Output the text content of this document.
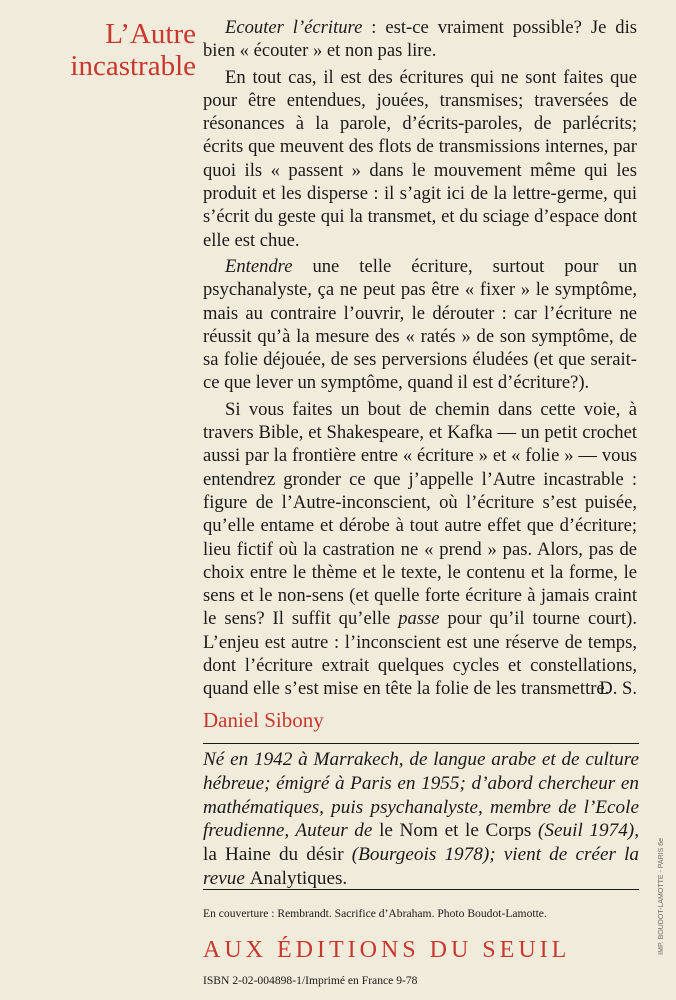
L’Autre
incastrable

Ecouter l’écriture : est-ce vraiment possible? Je dis bien « écouter » et non pas lire.

En tout cas, il est des écritures qui ne sont faites que pour être entendues, jouées, transmises; traversées de résonances à la parole, d’écrits-paroles, de parlécrits; écrits que meuvent des flots de transmissions internes, par quoi ils « passent » dans le mouvement même qui les produit et les disperse : il s’agit ici de la lettre-germe, qui s’écrit du geste qui la transmet, et du sciage d’espace dont elle est chue.

Entendre une telle écriture, surtout pour un psychanalyste, ça ne peut pas être « fixer » le symptôme, mais au contraire l’ouvrir, le dérouter : car l’écriture ne réussit qu’à la mesure des « ratés » de son symptôme, de sa folie déjouée, de ses perversions éludées (et que serait-ce que lever un symptôme, quand il est d’écriture?).

Si vous faites un bout de chemin dans cette voie, à travers Bible, et Shakespeare, et Kafka — un petit crochet aussi par la frontière entre « écriture » et « folie » — vous entendrez gronder ce que j’appelle l’Autre incastrable : figure de l’Autre-inconscient, où l’écriture s’est puisée, qu’elle entame et dérobe à tout autre effet que d’écriture; lieu fictif où la castration ne « prend » pas. Alors, pas de choix entre le thème et le texte, le contenu et la forme, le sens et le non-sens (et quelle forte écriture à jamais craint le sens? Il suffit qu’elle passe pour qu’il tourne court). L’enjeu est autre : l’inconscient est une réserve de temps, dont l’écriture extrait quelques cycles et constellations, quand elle s’est mise en tête la folie de les transmettre.

D. S.
Daniel Sibony
Né en 1942 à Marrakech, de langue arabe et de culture hébreue; émigré à Paris en 1955; d’abord chercheur en mathématiques, puis psychanalyste, membre de l’Ecole freudienne, Auteur de le Nom et le Corps (Seuil 1974), la Haine du désir (Bourgeois 1978); vient de créer la revue Analytiques.
En couverture : Rembrandt. Sacrifice d’Abraham. Photo Boudot-Lamotte.
AUX ÉDITIONS DU SEUIL
ISBN 2-02-004898-1/Imprimé en France 9-78
IMP. BOUDOT-LAMOTTE - PARIS 6e
